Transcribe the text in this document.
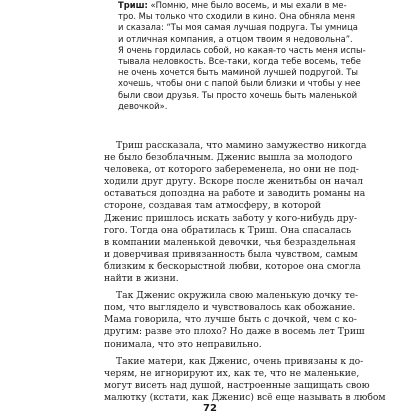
Триш: «Помню, мне было восемь, и мы ехали в ме-
тро. Мы только что сходили в кино. Она обняла меня
и сказала: “Ты моя самая лучшая подруга. Ты умница
и отличная компания, а отцом твоим я недовольна”.
Я очень гордилась собой, но какая-то часть меня испы-
тывала неловкость. Все-таки, когда тебе восемь, тебе
не очень хочется быть маминой лучшей подругой. Ты
хочешь, чтобы они с папой были близки и чтобы у нее
были свои друзья. Ты просто хочешь быть маленькой
девочкой».

Триш рассказала, что мамино замужество никогда
не было безоблачным. Дженис вышла за молодого
человека, от которого забеременела, но они не под-
ходили друг другу. Вскоре после женитьбы он начал
оставаться допоздна на работе и заводить романы на
стороне, создавая там атмосферу, в которой
Дженис пришлось искать заботу у кого-нибудь дру-
гого. Тогда она обратилась к Триш. Она спасалась
в компании маленькой девочки, чья безраздельная
и доверчивая привязанность была чувством, самым
близким к бескорыстной любви, которое она смогла
найти в жизни.

Так Дженис окружила свою маленькую дочку те-
пом, что выглядело и чувствовалось как обожание.
Мама говорила, что лучше быть с дочкой, чем с ко-
другим: разве это плохо? Но даже в восемь лет Триш
понимала, что это неправильно.

Такие матери, как Дженис, очень привязаны к до-
черям, не игнорируют их, как те, что не маленькие,
могут висеть над душой, настроенные защищать свою
малютку (кстати, как Дженис) всё еще называть в любом

72
